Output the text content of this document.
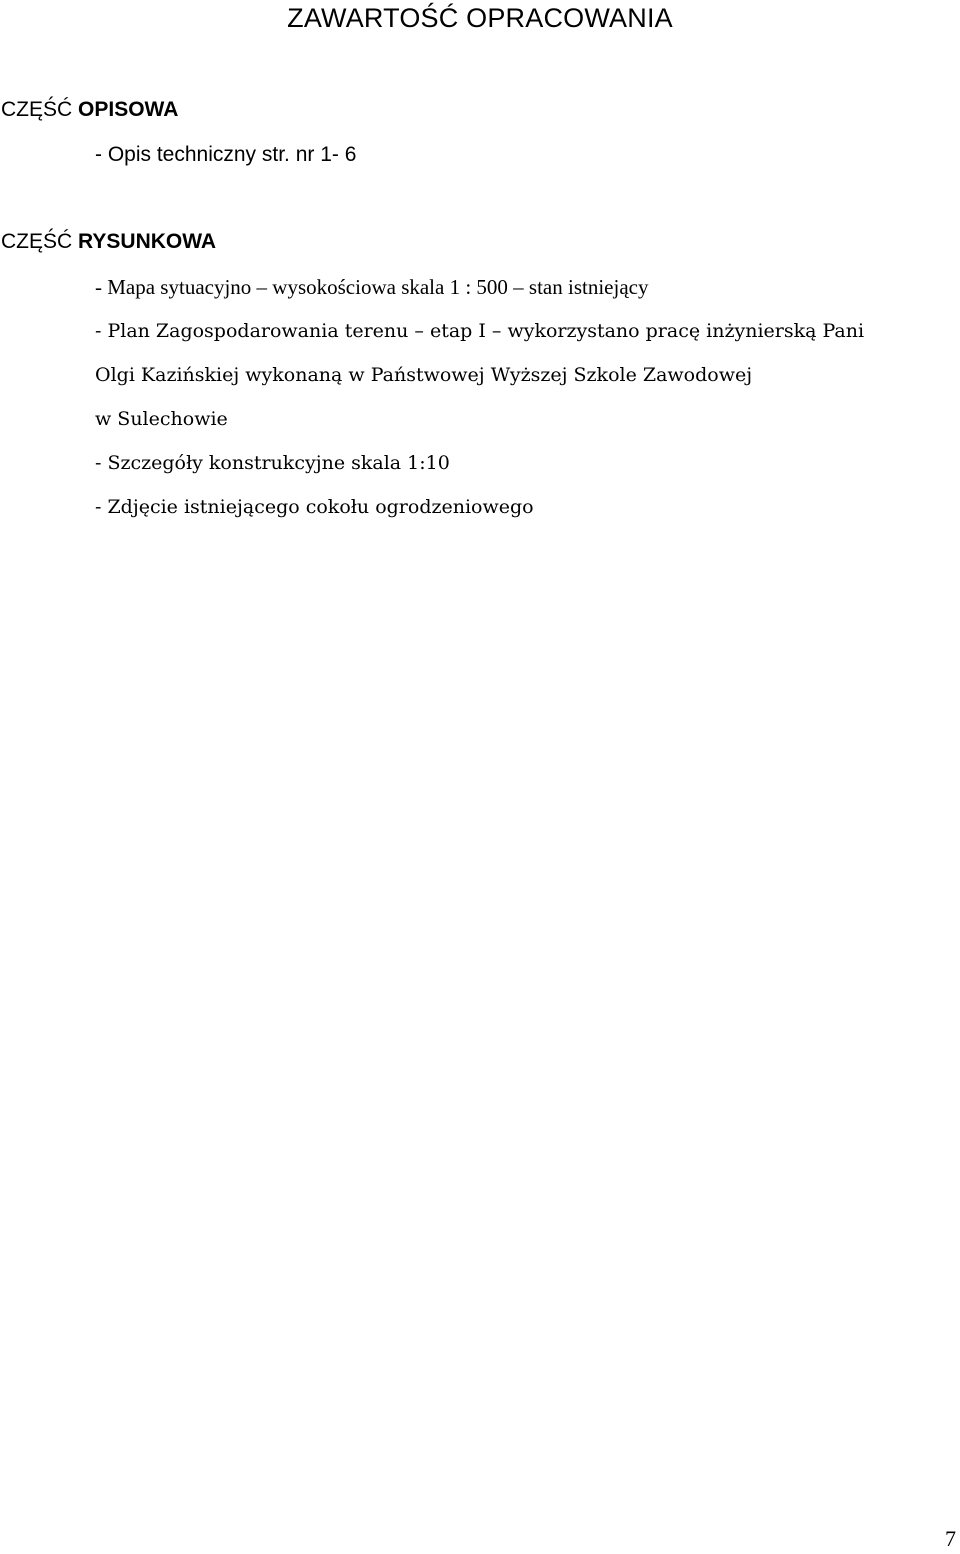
ZAWARTOŚĆ OPRACOWANIA
CZĘŚĆ OPISOWA
- Opis techniczny str. nr 1- 6
CZĘŚĆ RYSUNKOWA
- Mapa sytuacyjno – wysokościowa skala 1 : 500 – stan istniejący
- Plan Zagospodarowania terenu – etap I – wykorzystano pracę inżynierską Pani
Olgi Kazińskiej wykonaną w Państwowej Wyższej Szkole Zawodowej
w Sulechowie
- Szczegóły konstrukcyjne skala 1:10
- Zdjęcie istniejącego cokołu ogrodzeniowego
7
